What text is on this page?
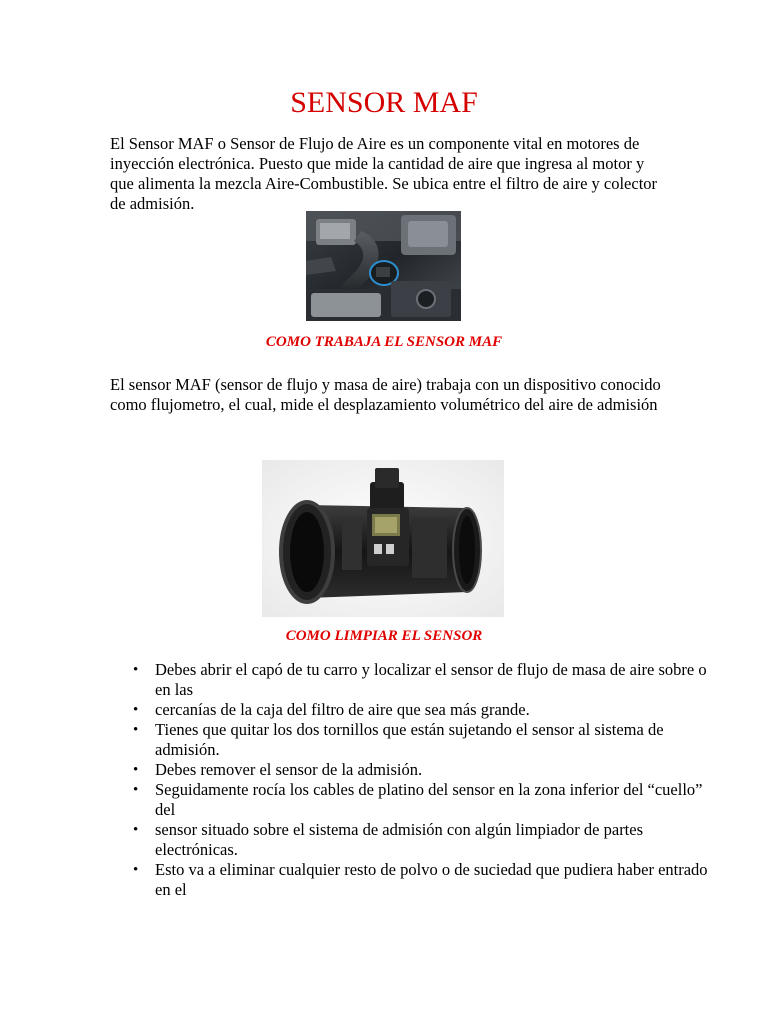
SENSOR MAF

El Sensor MAF o Sensor de Flujo de Aire es un componente vital en motores de inyección electrónica. Puesto que mide la cantidad de aire que ingresa al motor y que alimenta la mezcla Aire-Combustible. Se ubica entre el filtro de aire y colector de admisión.

COMO TRABAJA EL SENSOR MAF

El sensor MAF (sensor de flujo y masa de aire) trabaja con un dispositivo conocido como flujometro, el cual, mide el desplazamiento volumétrico del aire de admisión

COMO LIMPIAR EL SENSOR
• Debes abrir el capó de tu carro y localizar el sensor de flujo de masa de aire sobre o en las
• cercanías de la caja del filtro de aire que sea más grande.
• Tienes que quitar los dos tornillos que están sujetando el sensor al sistema de admisión.
• Debes remover el sensor de la admisión.
• Seguidamente rocía los cables de platino del sensor en la zona inferior del “cuello” del
• sensor situado sobre el sistema de admisión con algún limpiador de partes electrónicas.
• Esto va a eliminar cualquier resto de polvo o de suciedad que pudiera haber entrado en el
